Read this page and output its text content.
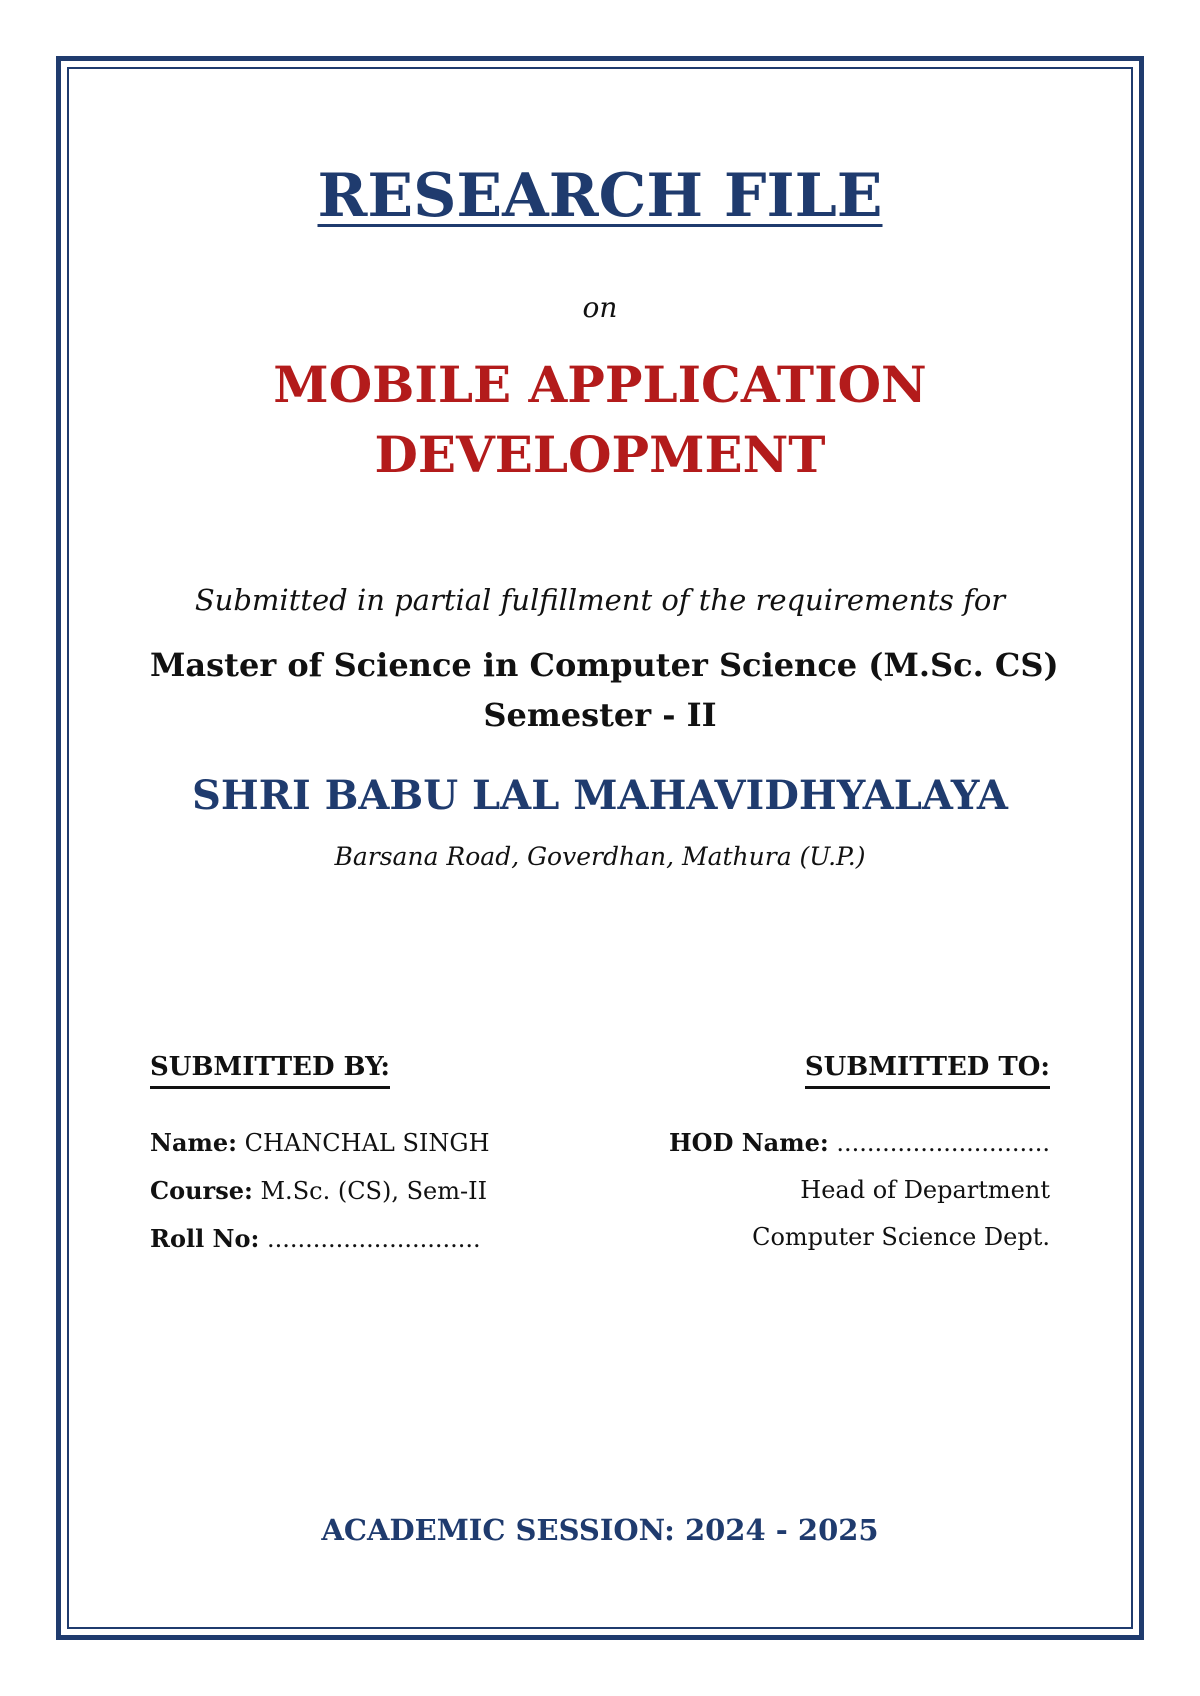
RESEARCH FILE
on
MOBILE APPLICATION
DEVELOPMENT
Submitted in partial fulfillment of the requirements for
Master of Science in Computer Science (M.Sc. CS)
Semester - II
SHRI BABU LAL MAHAVIDHYALAYA
Barsana Road, Goverdhan, Mathura (U.P.)
SUBMITTED BY:
Name: CHANCHAL SINGH
Course: M.Sc. (CS), Sem-II
Roll No: ............................
SUBMITTED TO:
HOD Name: ............................
Head of Department
Computer Science Dept.
ACADEMIC SESSION: 2024 - 2025
